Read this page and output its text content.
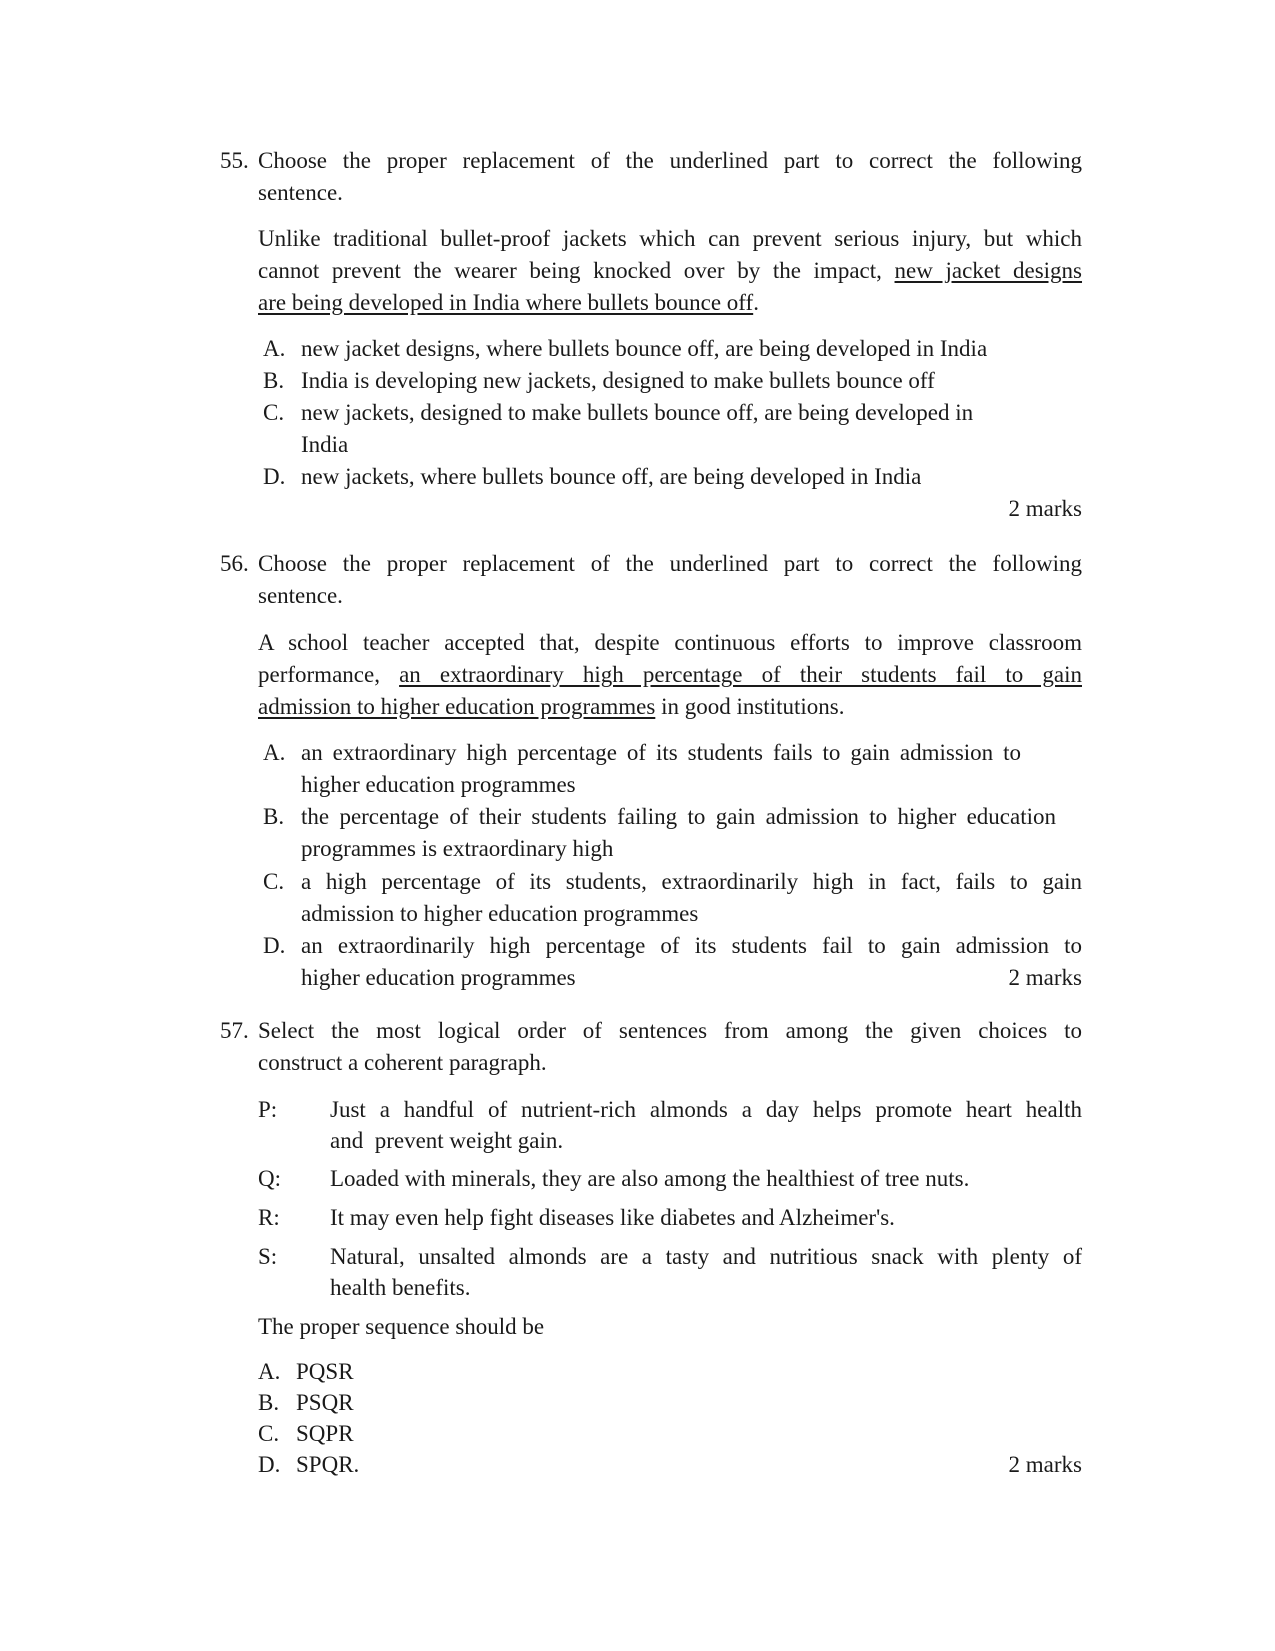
55. Choose the proper replacement of the underlined part to correct the following
sentence.
Unlike traditional bullet-proof jackets which can prevent serious injury, but which
cannot prevent the wearer being knocked over by the impact, new jacket designs
are being developed in India where bullets bounce off.
A. new jacket designs, where bullets bounce off, are being developed in India
B. India is developing new jackets, designed to make bullets bounce off
C. new jackets, designed to make bullets bounce off, are being developed in
India
D. new jackets, where bullets bounce off, are being developed in India
2 marks
56. Choose the proper replacement of the underlined part to correct the following
sentence.
A school teacher accepted that, despite continuous efforts to improve classroom
performance, an extraordinary high percentage of their students fail to gain
admission to higher education programmes in good institutions.
A. an extraordinary high percentage of its students fails to gain admission to
higher education programmes
B. the percentage of their students failing to gain admission to higher education
programmes is extraordinary high
C. a high percentage of its students, extraordinarily high in fact, fails to gain
admission to higher education programmes
D. an extraordinarily high percentage of its students fail to gain admission to
higher education programmes	2 marks
57. Select the most logical order of sentences from among the given choices to
construct a coherent paragraph.
P: Just a handful of nutrient-rich almonds a day helps promote heart health
and  prevent weight gain.
Q: Loaded with minerals, they are also among the healthiest of tree nuts.
R: It may even help fight diseases like diabetes and Alzheimer's.
S: Natural, unsalted almonds are a tasty and nutritious snack with plenty of
health benefits.
The proper sequence should be
A. PQSR
B. PSQR
C. SQPR
D. SPQR.	2 marks
